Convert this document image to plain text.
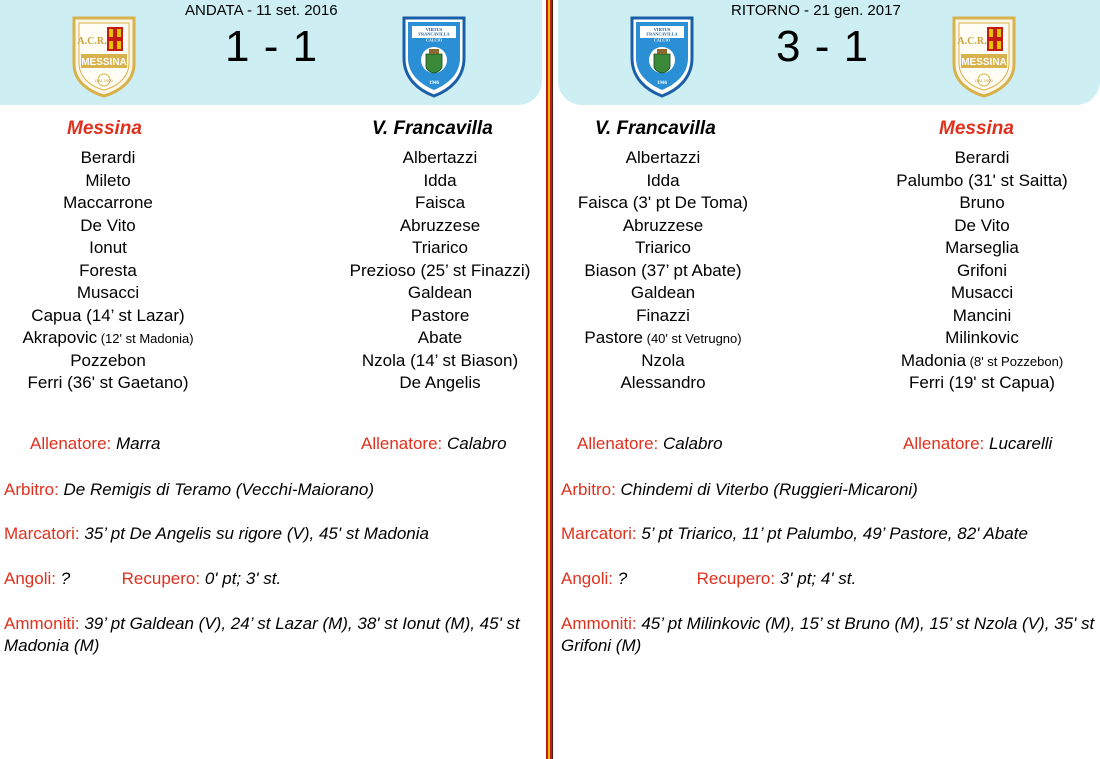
A.C.R.
MESSINA
DAL 1900
ANDATA - 11 set. 2016
1 - 1	VIRTUS
FRANCAVILLA
CALCIO
1946
Messina	V. Francavilla
Berardi
Mileto
Maccarrone
De Vito
Ionut
Foresta
Musacci
Capua (14’ st Lazar)
Akrapovic (12' st Madonia)
Pozzebon
Ferri (36' st Gaetano)
Albertazzi
Idda
Faisca
Abruzzese
Triarico
Prezioso (25’ st Finazzi)
Galdean
Pastore
Abate
Nzola (14’ st Biason)
De Angelis
Allenatore: Marra	Allenatore: Calabro
Arbitro: De Remigis di Teramo (Vecchi-Maiorano)
Marcatori: 35’ pt De Angelis su rigore (V), 45' st Madonia
Angoli: ?	Recupero: 0' pt; 3' st.
Ammoniti: 39’ pt Galdean (V), 24’ st Lazar (M), 38' st Ionut (M), 45' st Madonia (M)
VIRTUS
FRANCAVILLA
CALCIO
1946
RITORNO - 21 gen. 2017
3 - 1	A.C.R.
MESSINA
DAL 1900
V. Francavilla	Messina
Albertazzi
Idda
Faisca (3' pt De Toma)
Abruzzese
Triarico
Biason (37’ pt Abate)
Galdean
Finazzi
Pastore (40' st Vetrugno)
Nzola
Alessandro
Berardi
Palumbo (31' st Saitta)
Bruno
De Vito
Marseglia
Grifoni
Musacci
Mancini
Milinkovic
Madonia (8' st Pozzebon)
Ferri (19' st Capua)
Allenatore: Calabro	Allenatore: Lucarelli
Arbitro: Chindemi di Viterbo (Ruggieri-Micaroni)
Marcatori: 5’ pt Triarico, 11’ pt Palumbo, 49’ Pastore, 82' Abate
Angoli: ?	Recupero: 3' pt; 4' st.
Ammoniti: 45’ pt Milinkovic (M), 15’ st Bruno (M), 15’ st Nzola (V), 35' st Grifoni (M)
